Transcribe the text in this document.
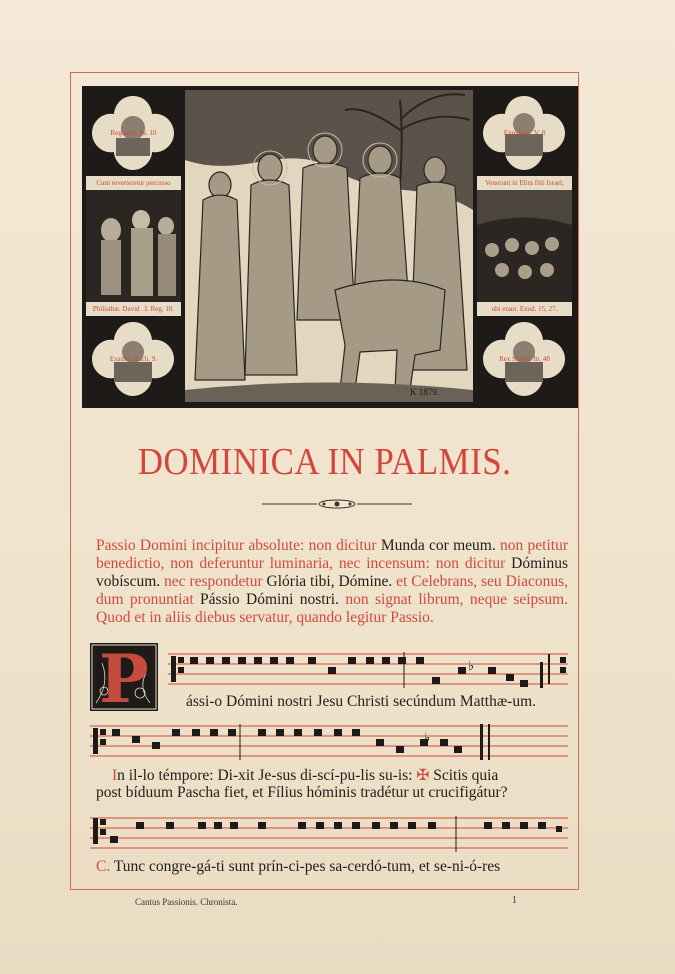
Regnabit. Ps. 10
Cum reverteretur percusso
Philisthæ. David . I. Reg. 18.
Exsulta. Zach. 9.
K 1879.
Egrederis. V. 8
Venerunt in Elim filii Israel,
ubi erant. Exod. 15, 27.
Rex Salom. In. 48
DOMINICA IN PALMIS.
Passio Domini incipitur absolute: non dicitur Munda cor meum. non petitur benedictio, non deferuntur luminaria, nec incensum: non dicitur Dóminus vobíscum. nec respondetur Glória tibi, Dómine. et Celebrans, seu Diaconus, dum pronuntiat Pássio Dómini nostri. non signat librum, neque seipsum. Quod et in aliis diebus servatur, quando legitur Passio.
P	♭
ássi-o Dómini nostri Jesu Christi secúndum Matthæ-um.
♭
In il-lo témpore: Di-xit Je-sus di-scí-pu-lis su-is: ✠ Scitis quia
post bíduum Pascha fiet, et Fílius hóminis tradétur ut crucifigátur?
C. Tunc congre-gá-ti sunt prín-ci-pes sa-cerdó-tum, et se-ni-ó-res
Cantus Passionis. Chronista.	1
